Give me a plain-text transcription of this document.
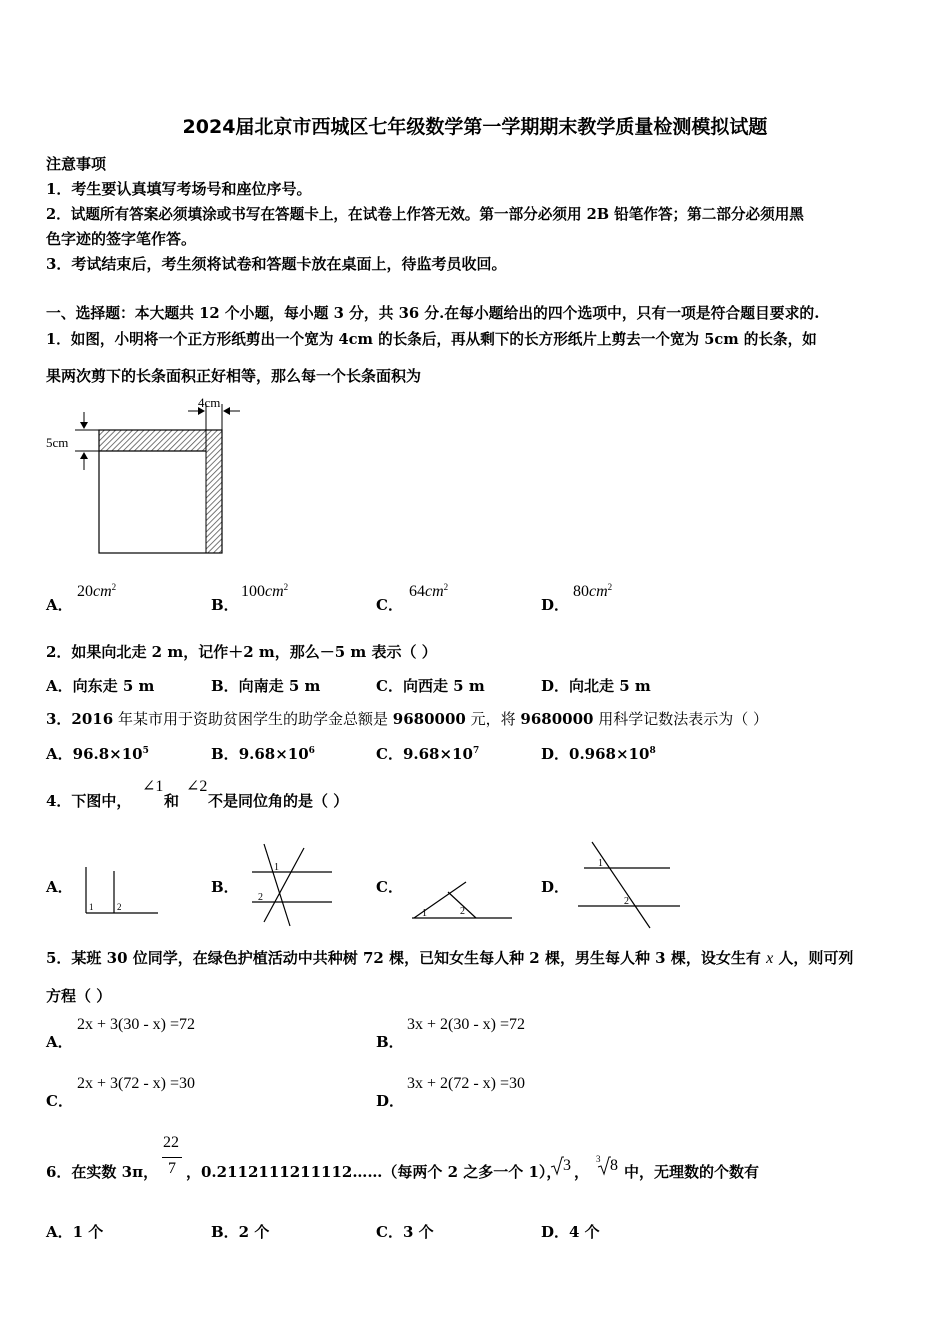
2024届北京市西城区七年级数学第一学期期末教学质量检测模拟试题
注意事项
1．考生要认真填写考场号和座位序号。
2．试题所有答案必须填涂或书写在答题卡上，在试卷上作答无效。第一部分必须用 2B 铅笔作答；第二部分必须用黑
色字迹的签字笔作答。
3．考试结束后，考生须将试卷和答题卡放在桌面上，待监考员收回。
一、选择题：本大题共 12 个小题，每小题 3 分，共 36 分.在每小题给出的四个选项中，只有一项是符合题目要求的.
1．如图，小明将一个正方形纸剪出一个宽为 4cm 的长条后，再从剩下的长方形纸片上剪去一个宽为 5cm 的长条，如
果两次剪下的长条面积正好相等，那么每一个长条面积为
5cm
4cm
A．
$20cm^2$
B．
$100cm^2$
C．
$64cm^2$
D．
$80cm^2$
2．如果向北走 2 m，记作＋2 m，那么－5 m 表示（ ）
A．向东走 5 m	B．向南走 5 m	C．向西走 5 m	D．向北走 5 m
3．2016 年某市用于资助贫困学生的助学金总额是 9680000 元，将 9680000 用科学记数法表示为（ ）
A．$96.8\times 10^5$	B．$9.68\times 10^6$	C．$9.68\times 10^7$	D．$0.968\times 10^8$
4．下图中，
∠1
和
∠2
不是同位角的是（ ）
A．
1	2
B．
1
2
C．
1	2
D．
1
2
5．某班 30 位同学，在绿色护植活动中共种树 72 棵，已知女生每人种 2 棵，男生每人种 3 棵，设女生有 x 人，则可列
方程（ ）
A．
2x + 3(30 - x) =72
B．
3x + 2(30 - x) =72
C．
2x + 3(72 - x) =30
D．
3x + 2(72 - x) =30
6．在实数 3π，
22
7 ，0.2112111211112……（每两个 2 之多一个 1）， 3 ，
3 8 中，无理数的个数有
A．1 个	B．2 个	C．3 个	D．4 个
